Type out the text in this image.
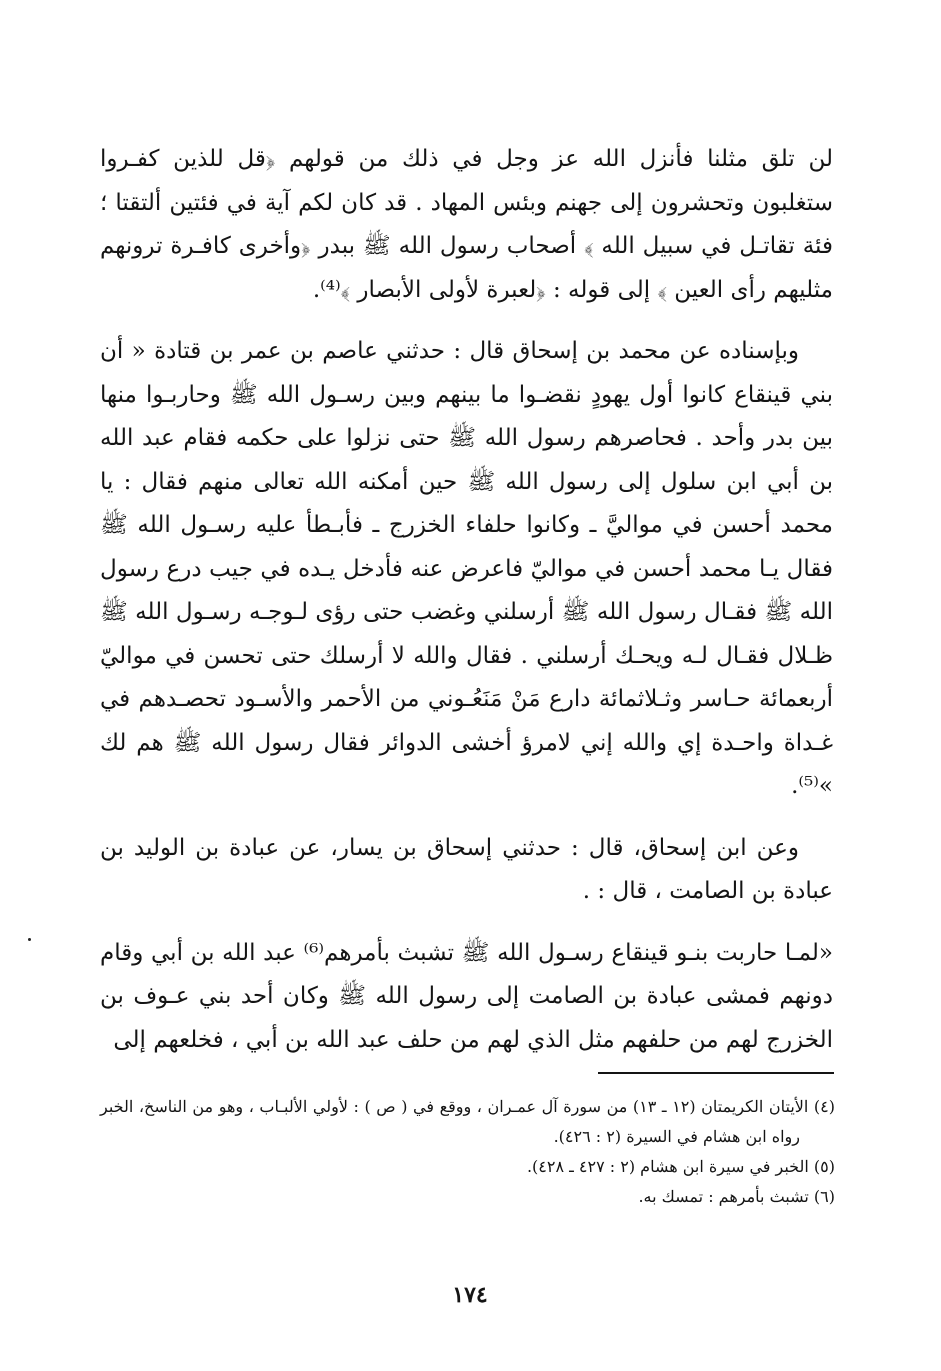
لن تلق مثلنا فأنزل الله عز وجل في ذلك من قولهم ﴿قل للذين كفـروا ستغلبون وتحشرون إلى جهنم وبئس المهاد . قد كان لكم آية في فئتين ألتقتا ؛ فئة تقاتـل في سبيل الله ﴾ أصحاب رسول الله ﷺ ببدر ﴿وأخرى كافـرة ترونهم مثليهم رأى العين ﴾ إلى قوله : ﴿لعبرة لأولى الأبصار ﴾⁽⁴⁾.

وبإسناده عن محمد بن إسحاق قال : حدثني عاصم بن عمر بن قتادة « أن بني قينقاع كانوا أول يهودٍ نقضـوا ما بينهم وبين رسـول الله ﷺ وحاربـوا منها بين بدر وأحد . فحاصرهم رسول الله ﷺ حتى نزلوا على حكمه فقام عبد الله بن أبي ابن سلول إلى رسول الله ﷺ حين أمكنه الله تعالى منهم فقال : يا محمد أحسن في مواليَّ ـ وكانوا حلفاء الخزرج ـ فأبـطأ عليه رسـول الله ﷺ فقال يـا محمد أحسن في مواليّ فاعرض عنه فأدخل يـده في جيب درع رسول الله ﷺ فقـال رسول الله ﷺ أرسلني وغضب حتى رؤى لـوجـه رسـول الله ﷺ ظـلال فقـال لـه ويحـك أرسلني . فقال والله لا أرسلك حتى تحسن في مواليّ أربعمائة حـاسر وثـلاثمائة دارع مَنْ مَنَعُـوني من الأحمر والأسـود تحصـدهم في غـداة واحـدة إي والله إني لامرؤ أخشى الدوائر فقال رسول الله ﷺ هم لك »⁽⁵⁾.

وعن ابن إسحاق، قال : حدثني إسحاق بن يسار، عن عبادة بن الوليد بن عبادة بن الصامت ، قال : .

«لمـا حاربت بنـو قينقاع رسـول الله ﷺ تشبث بأمرهم⁽⁶⁾ عبد الله بن أبي وقام دونهم فمشى عبادة بن الصامت إلى رسول الله ﷺ وكان أحد بني عـوف بن الخزرج لهم من حلفهم مثل الذي لهم من حلف عبد الله بن أبي ، فخلعهم إلى

(٤) الأيتان الكريمتان (١٢ ـ ١٣) من سورة آل عمـران ، ووقع في ( ص ) : لأولي الألبـاب ، وهو من الناسخ، الخبر رواه ابن هشام في السيرة (٢ : ٤٢٦).

(٥) الخبر في سيرة ابن هشام (٢ : ٤٢٧ ـ ٤٢٨).

(٦) تشبث بأمرهم : تمسك به.

١٧٤
